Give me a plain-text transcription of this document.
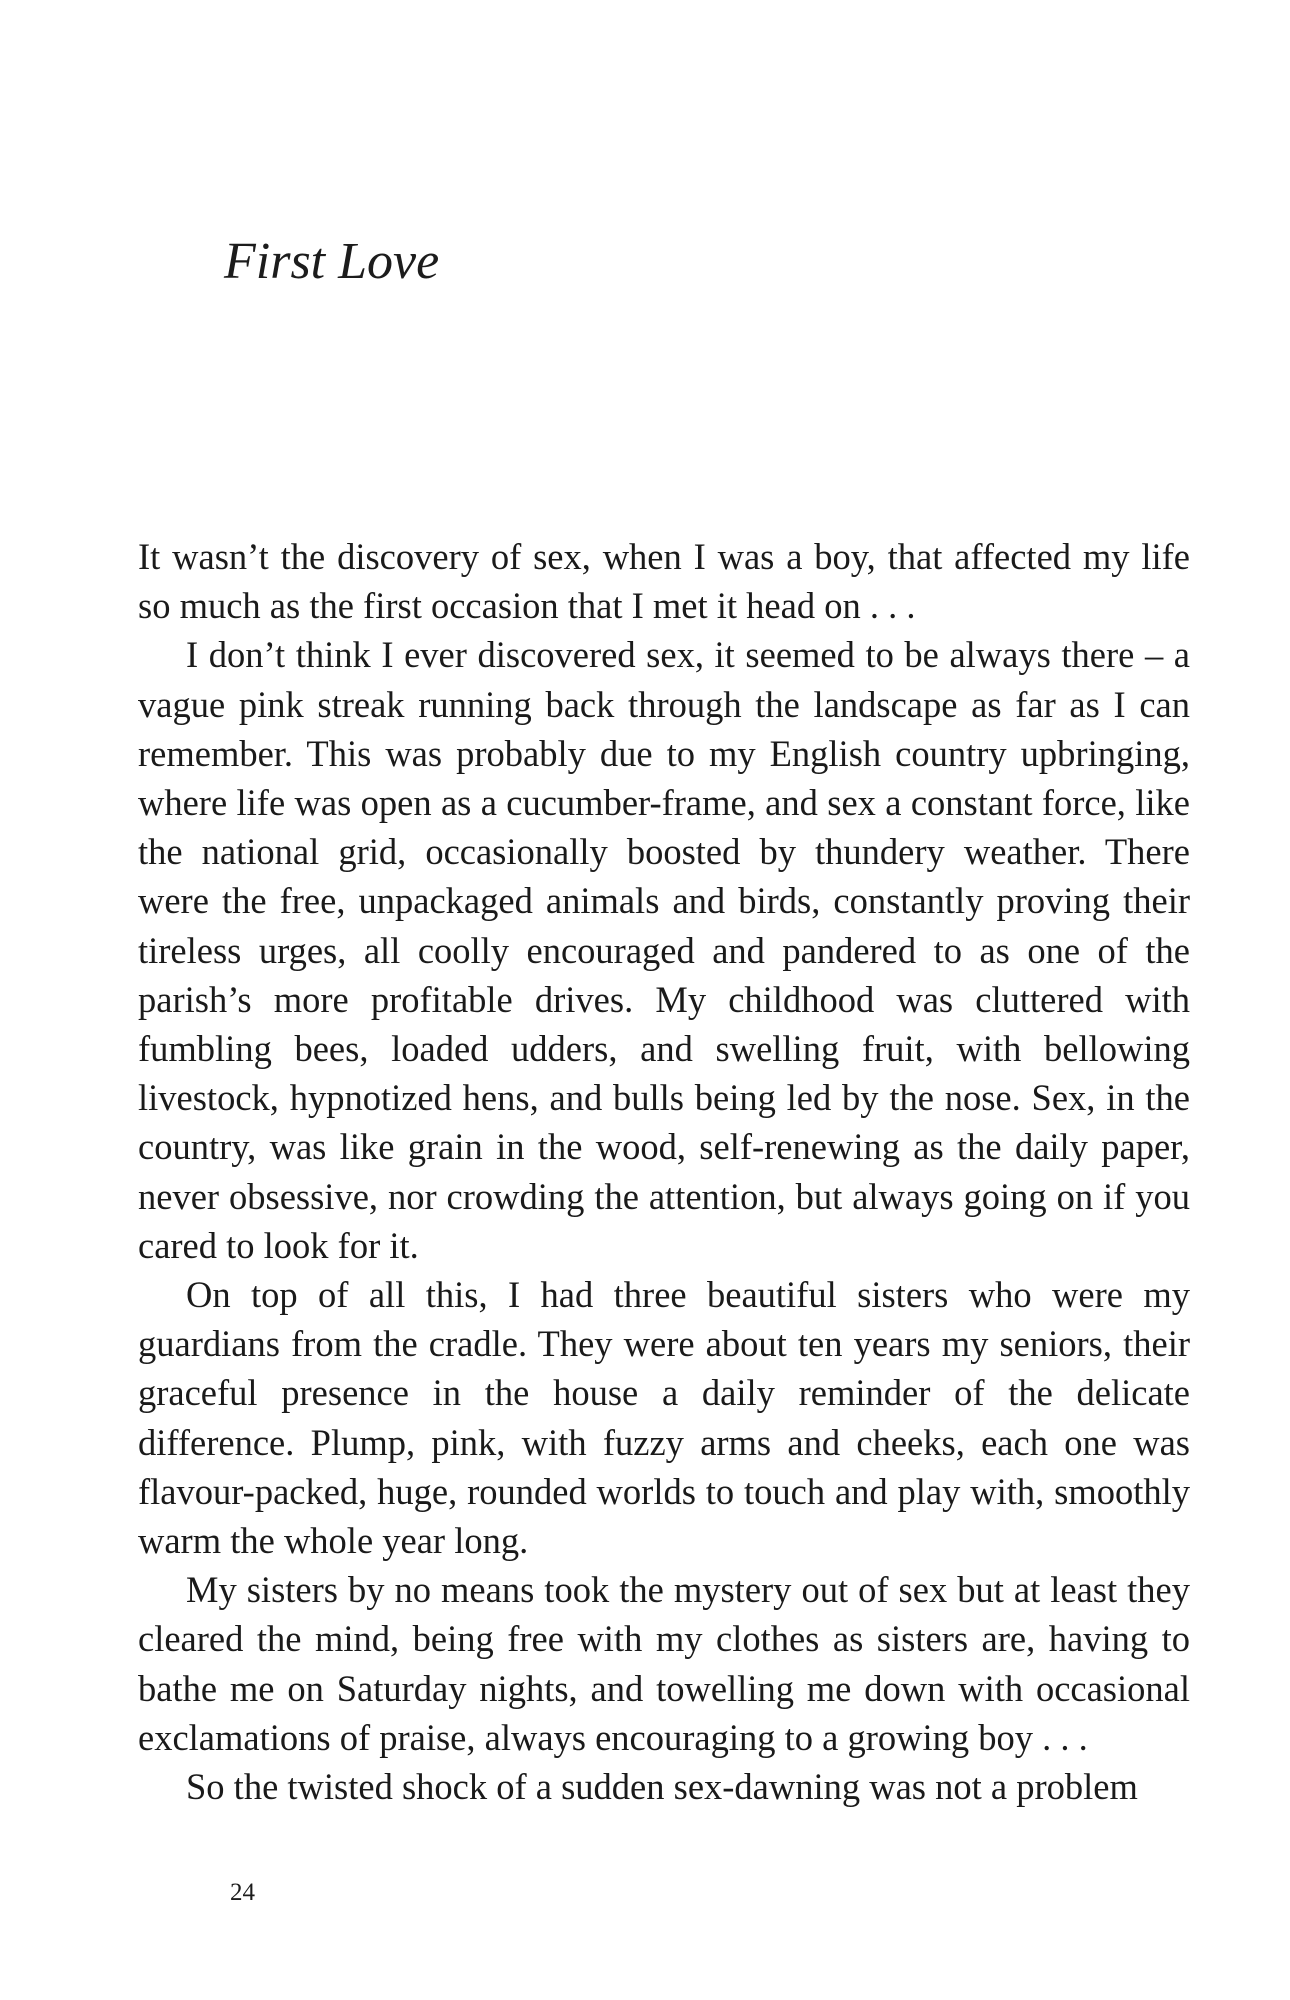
First Love

It wasn’t the discovery of sex, when I was a boy, that affected my life so much as the first occasion that I met it head on . . .

I don’t think I ever discovered sex, it seemed to be always there – a vague pink streak running back through the landscape as far as I can remember. This was probably due to my English country upbringing, where life was open as a cucumber-frame, and sex a constant force, like the national grid, occasionally boosted by thundery weather. There were the free, unpackaged animals and birds, constantly proving their tireless urges, all coolly encouraged and pandered to as one of the parish’s more profitable drives. My childhood was cluttered with fumbling bees, loaded udders, and swelling fruit, with bellowing livestock, hypnotized hens, and bulls being led by the nose. Sex, in the country, was like grain in the wood, self-renewing as the daily paper, never obsessive, nor crowding the attention, but always going on if you cared to look for it.

On top of all this, I had three beautiful sisters who were my guardians from the cradle. They were about ten years my seniors, their graceful presence in the house a daily reminder of the delicate difference. Plump, pink, with fuzzy arms and cheeks, each one was flavour-packed, huge, rounded worlds to touch and play with, smoothly warm the whole year long.

My sisters by no means took the mystery out of sex but at least they cleared the mind, being free with my clothes as sisters are, having to bathe me on Saturday nights, and towelling me down with occasional exclamations of praise, always encouraging to a growing boy . . .

So the twisted shock of a sudden sex-dawning was not a problem

24
